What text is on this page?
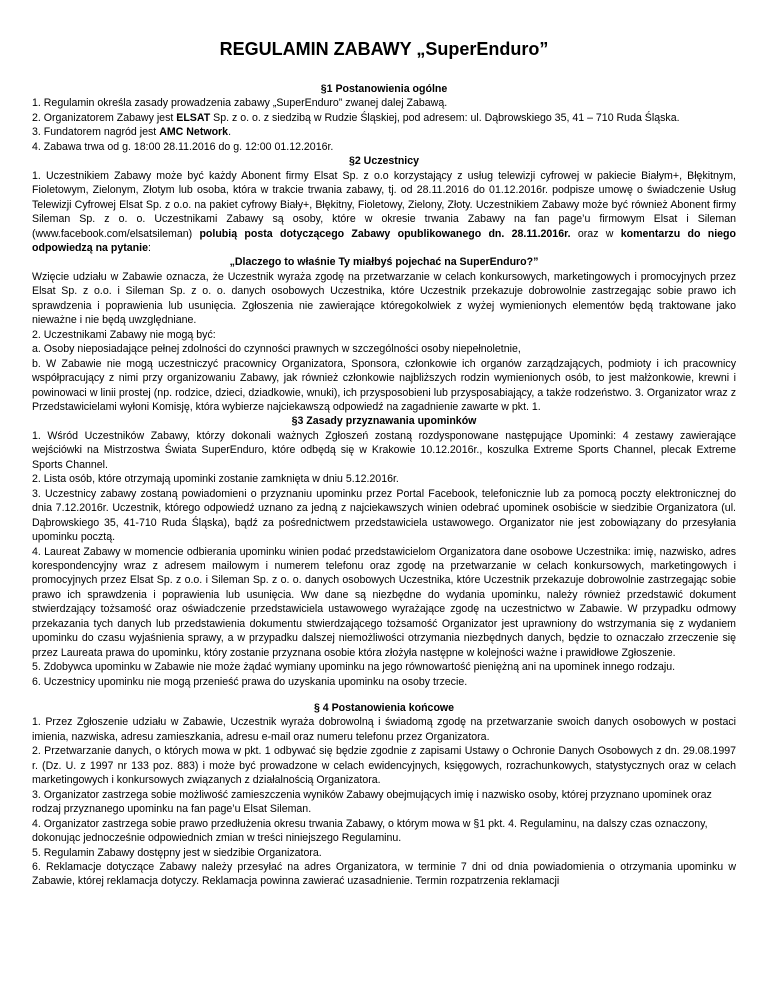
REGULAMIN ZABAWY „SuperEnduro”

§1 Postanowienia ogólne

1. Regulamin określa zasady prowadzenia zabawy „SuperEnduro” zwanej dalej Zabawą.

2. Organizatorem Zabawy jest ELSAT Sp. z o. o. z siedzibą w Rudzie Śląskiej, pod adresem: ul. Dąbrowskiego 35, 41 – 710 Ruda Śląska.

3. Fundatorem nagród jest AMC Network.

4. Zabawa trwa od g. 18:00 28.11.2016 do g. 12:00 01.12.2016r.

§2 Uczestnicy

1. Uczestnikiem Zabawy może być każdy Abonent firmy Elsat Sp. z o.o korzystający z usług telewizji cyfrowej w pakiecie Białym+, Błękitnym, Fioletowym, Zielonym, Złotym lub osoba, która w trakcie trwania zabawy, tj. od 28.11.2016 do 01.12.2016r. podpisze umowę o świadczenie Usług Telewizji Cyfrowej Elsat Sp. z o.o. na pakiet cyfrowy Biały+, Błękitny, Fioletowy, Zielony, Złoty. Uczestnikiem Zabawy może być również Abonent firmy Sileman Sp. z o. o. Uczestnikami Zabawy są osoby, które w okresie trwania Zabawy na fan page’u firmowym Elsat i Sileman (www.facebook.com/elsatsileman) polubią posta dotyczącego Zabawy opublikowanego dn. 28.11.2016r. oraz w komentarzu do niego odpowiedzą na pytanie:

„Dlaczego to właśnie Ty miałbyś pojechać na SuperEnduro?”

Wzięcie udziału w Zabawie oznacza, że Uczestnik wyraża zgodę na przetwarzanie w celach konkursowych, marketingowych i promocyjnych przez Elsat Sp. z o.o. i Sileman Sp. z o. o. danych osobowych Uczestnika, które Uczestnik przekazuje dobrowolnie zastrzegając sobie prawo ich sprawdzenia i poprawienia lub usunięcia. Zgłoszenia nie zawierające któregokolwiek z wyżej wymienionych elementów będą traktowane jako nieważne i nie będą uwzględniane.

2. Uczestnikami Zabawy nie mogą być:

a. Osoby nieposiadające pełnej zdolności do czynności prawnych w szczególności osoby niepełnoletnie,

b. W Zabawie nie mogą uczestniczyć pracownicy Organizatora, Sponsora, członkowie ich organów zarządzających, podmioty i ich pracownicy współpracujący z nimi przy organizowaniu Zabawy, jak również członkowie najbliższych rodzin wymienionych osób, to jest małżonkowie, krewni i powinowaci w linii prostej (np. rodzice, dzieci, dziadkowie, wnuki), ich przysposobieni lub przysposabiający, a także rodzeństwo. 3. Organizator wraz z Przedstawicielami wyłoni Komisję, która wybierze najciekawszą odpowiedź na zagadnienie zawarte w pkt. 1.

§3 Zasady przyznawania upominków

1. Wśród Uczestników Zabawy, którzy dokonali ważnych Zgłoszeń zostaną rozdysponowane następujące Upominki: 4 zestawy zawierające wejściówki na Mistrzostwa Świata SuperEnduro, które odbędą się w Krakowie 10.12.2016r., koszulka Extreme Sports Channel, plecak Extreme Sports Channel.

2. Lista osób, które otrzymają upominki zostanie zamknięta w dniu 5.12.2016r.

3. Uczestnicy zabawy zostaną powiadomieni o przyznaniu upominku przez Portal Facebook, telefonicznie lub za pomocą poczty elektronicznej do dnia 7.12.2016r. Uczestnik, którego odpowiedź uznano za jedną z najciekawszych winien odebrać upominek osobiście w siedzibie Organizatora (ul. Dąbrowskiego 35, 41-710 Ruda Śląska), bądź za pośrednictwem przedstawiciela ustawowego. Organizator nie jest zobowiązany do przesyłania upominku pocztą.

4. Laureat Zabawy w momencie odbierania upominku winien podać przedstawicielom Organizatora dane osobowe Uczestnika: imię, nazwisko, adres korespondencyjny wraz z adresem mailowym i numerem telefonu oraz zgodę na przetwarzanie w celach konkursowych, marketingowych i promocyjnych przez Elsat Sp. z o.o. i Sileman Sp. z o. o. danych osobowych Uczestnika, które Uczestnik przekazuje dobrowolnie zastrzegając sobie prawo ich sprawdzenia i poprawienia lub usunięcia. Ww dane są niezbędne do wydania upominku, należy również przedstawić dokument stwierdzający tożsamość oraz oświadczenie przedstawiciela ustawowego wyrażające zgodę na uczestnictwo w Zabawie. W przypadku odmowy przekazania tych danych lub przedstawienia dokumentu stwierdzającego tożsamość Organizator jest uprawniony do wstrzymania się z wydaniem upominku do czasu wyjaśnienia sprawy, a w przypadku dalszej niemożliwości otrzymania niezbędnych danych, będzie to oznaczało zrzeczenie się przez Laureata prawa do upominku, który zostanie przyznana osobie która złożyła następne w kolejności ważne i prawidłowe Zgłoszenie.

5. Zdobywca upominku w Zabawie nie może żądać wymiany upominku na jego równowartość pieniężną ani na upominek innego rodzaju.

6. Uczestnicy upominku nie mogą przenieść prawa do uzyskania upominku na osoby trzecie.

§ 4 Postanowienia końcowe

1. Przez Zgłoszenie udziału w Zabawie, Uczestnik wyraża dobrowolną i świadomą zgodę na przetwarzanie swoich danych osobowych w postaci imienia, nazwiska, adresu zamieszkania, adresu e-mail oraz numeru telefonu przez Organizatora.

2. Przetwarzanie danych, o których mowa w pkt. 1 odbywać się będzie zgodnie z zapisami Ustawy o Ochronie Danych Osobowych z dn. 29.08.1997 r. (Dz. U. z 1997 nr 133 poz. 883) i może być prowadzone w celach ewidencyjnych, księgowych, rozrachunkowych, statystycznych oraz w celach marketingowych i konkursowych związanych z działalnością Organizatora.

3. Organizator zastrzega sobie możliwość zamieszczenia wyników Zabawy obejmujących imię i nazwisko osoby, której przyznano upominek oraz rodzaj przyznanego upominku na fan page’u Elsat Sileman.

4. Organizator zastrzega sobie prawo przedłużenia okresu trwania Zabawy, o którym mowa w §1 pkt. 4. Regulaminu, na dalszy czas oznaczony, dokonując jednocześnie odpowiednich zmian w treści niniejszego Regulaminu.

5. Regulamin Zabawy dostępny jest w siedzibie Organizatora.

6. Reklamacje dotyczące Zabawy należy przesyłać na adres Organizatora, w terminie 7 dni od dnia powiadomienia o otrzymania upominku w Zabawie, której reklamacja dotyczy. Reklamacja powinna zawierać uzasadnienie. Termin rozpatrzenia reklamacji
